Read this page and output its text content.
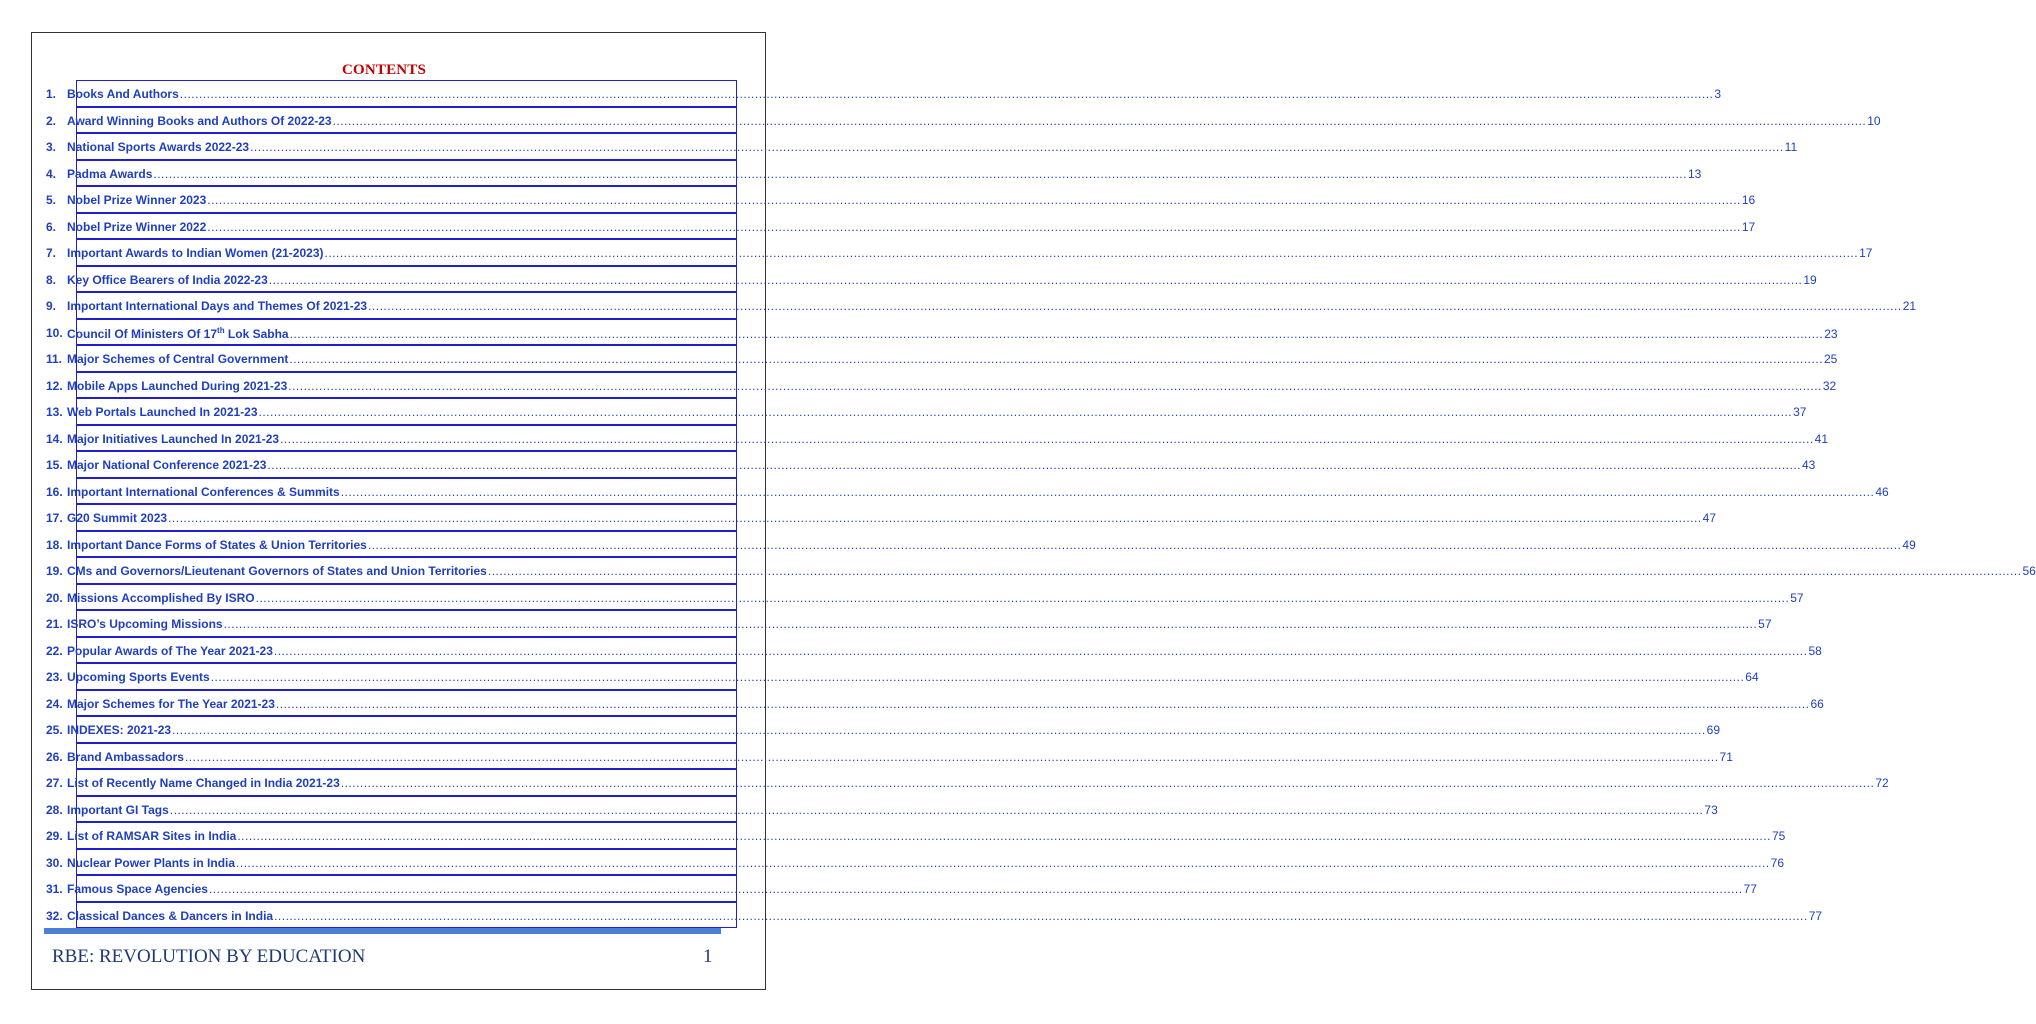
CONTENTS
1. Books And Authors ................................................................................................................................................................................................................................................................................................................................................................................................................ 3
2. Award Winning Books and Authors Of 2022-23 ................................................................................................................................................................................................................................................................................................................................................................................................................ 10
3. National Sports Awards 2022-23 ................................................................................................................................................................................................................................................................................................................................................................................................................ 11
4. Padma Awards ................................................................................................................................................................................................................................................................................................................................................................................................................ 13
5. Nobel Prize Winner 2023 ................................................................................................................................................................................................................................................................................................................................................................................................................ 16
6. Nobel Prize Winner 2022 ................................................................................................................................................................................................................................................................................................................................................................................................................ 17
7. Important Awards to Indian Women (21-2023) ................................................................................................................................................................................................................................................................................................................................................................................................................ 17
8. Key Office Bearers of India 2022-23 ................................................................................................................................................................................................................................................................................................................................................................................................................ 19
9. Important International Days and Themes Of 2021-23 ................................................................................................................................................................................................................................................................................................................................................................................................................ 21
10. Council Of Ministers Of 17th Lok Sabha ................................................................................................................................................................................................................................................................................................................................................................................................................ 23
11. Major Schemes of Central Government ................................................................................................................................................................................................................................................................................................................................................................................................................ 25
12. Mobile Apps Launched During 2021-23 ................................................................................................................................................................................................................................................................................................................................................................................................................ 32
13. Web Portals Launched In 2021-23 ................................................................................................................................................................................................................................................................................................................................................................................................................ 37
14. Major Initiatives Launched In 2021-23 ................................................................................................................................................................................................................................................................................................................................................................................................................ 41
15. Major National Conference 2021-23 ................................................................................................................................................................................................................................................................................................................................................................................................................ 43
16. Important International Conferences & Summits ................................................................................................................................................................................................................................................................................................................................................................................................................ 46
17. G20 Summit 2023 ................................................................................................................................................................................................................................................................................................................................................................................................................ 47
18. Important Dance Forms of States & Union Territories ................................................................................................................................................................................................................................................................................................................................................................................................................ 49
19. CMs and Governors/Lieutenant Governors of States and Union Territories ................................................................................................................................................................................................................................................................................................................................................................................................................ 56
20. Missions Accomplished By ISRO ................................................................................................................................................................................................................................................................................................................................................................................................................ 57
21. ISRO’s Upcoming Missions ................................................................................................................................................................................................................................................................................................................................................................................................................ 57
22. Popular Awards of The Year 2021-23 ................................................................................................................................................................................................................................................................................................................................................................................................................ 58
23. Upcoming Sports Events ................................................................................................................................................................................................................................................................................................................................................................................................................ 64
24. Major Schemes for The Year 2021-23 ................................................................................................................................................................................................................................................................................................................................................................................................................ 66
25. INDEXES: 2021-23 ................................................................................................................................................................................................................................................................................................................................................................................................................ 69
26. Brand Ambassadors ................................................................................................................................................................................................................................................................................................................................................................................................................ 71
27. List of Recently Name Changed in India 2021-23 ................................................................................................................................................................................................................................................................................................................................................................................................................ 72
28. Important GI Tags ................................................................................................................................................................................................................................................................................................................................................................................................................ 73
29. List of RAMSAR Sites in India ................................................................................................................................................................................................................................................................................................................................................................................................................ 75
30. Nuclear Power Plants in India ................................................................................................................................................................................................................................................................................................................................................................................................................ 76
31. Famous Space Agencies ................................................................................................................................................................................................................................................................................................................................................................................................................ 77
32. Classical Dances & Dancers in India ................................................................................................................................................................................................................................................................................................................................................................................................................ 77
RBE: REVOLUTION BY EDUCATION	1
